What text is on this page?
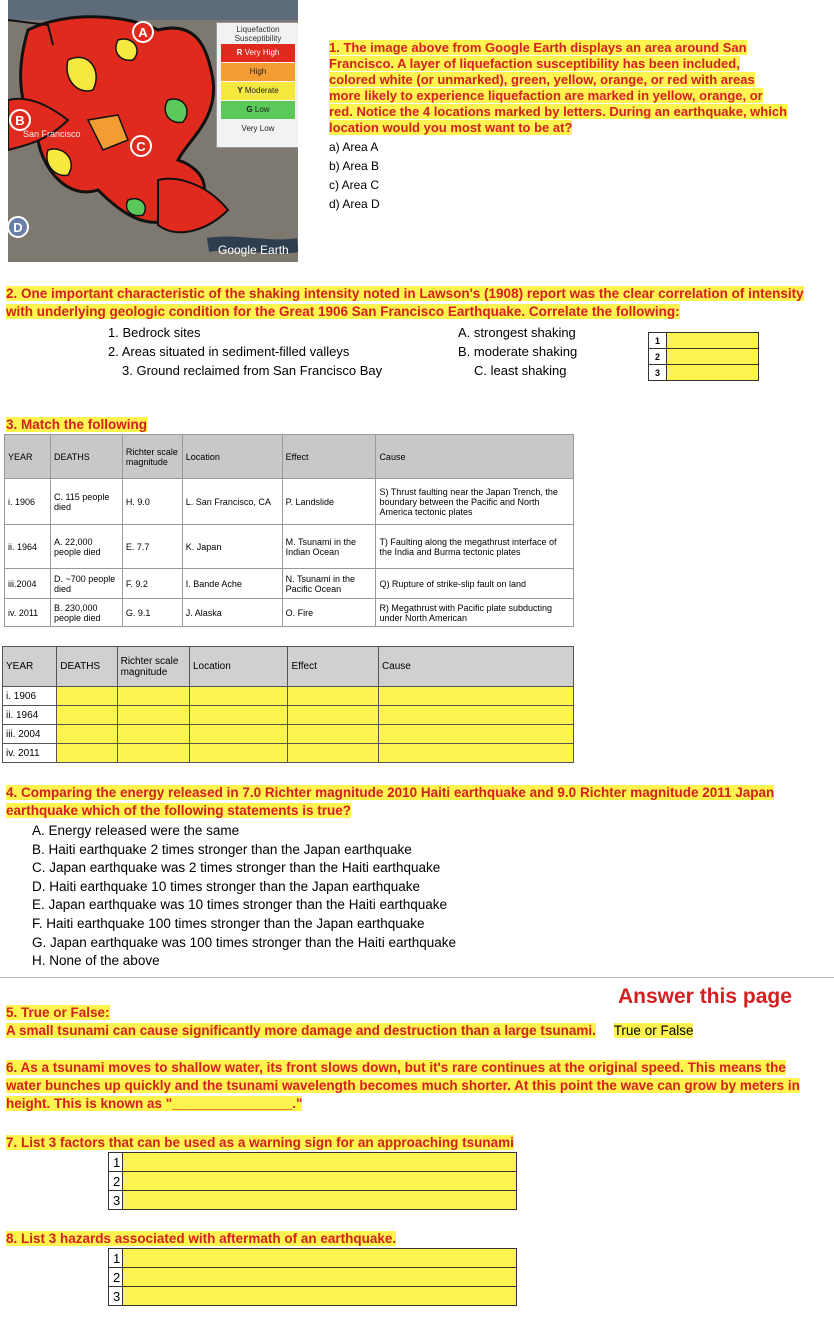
A
B
C
D
San Francisco
Google Earth
Liquefaction Susceptibility
R Very High
High
Y Moderate
G Low
Very Low
1. The image above from Google Earth displays an area around San Francisco. A layer of liquefaction susceptibility has been included, colored white (or unmarked), green, yellow, orange, or red with areas more likely to experience liquefaction are marked in yellow, orange, or red. Notice the 4 locations marked by letters. During an earthquake, which location would you most want to be at?
a) Area A
b) Area B
c) Area C
d) Area D
2. One important characteristic of the shaking intensity noted in Lawson's (1908) report was the clear correlation of intensity with underlying geologic condition for the Great 1906 San Francisco Earthquake. Correlate the following:
1. Bedrock sites
2. Areas situated in sediment-filled valleys
3. Ground reclaimed from San Francisco Bay
A. strongest shaking
B. moderate shaking
C. least shaking
1	
2	
3	
3. Match the following
YEAR	DEATHS	Richter scale magnitude	Location	Effect	Cause
i. 1906	C. 115 people died	H. 9.0	L. San Francisco, CA	P. Landslide	S) Thrust faulting near the Japan Trench, the boundary between the Pacific and North America tectonic plates
ii. 1964	A. 22,000 people died	E. 7.7	K. Japan	M. Tsunami in the Indian Ocean	T) Faulting along the megathrust interface of the India and Burma tectonic plates
iii.2004	D. ~700 people died	F. 9.2	I. Bande Ache	N. Tsunami in the Pacific Ocean	Q) Rupture of strike-slip fault on land
iv. 2011	B. 230,000 people died	G. 9.1	J. Alaska	O. Fire	R) Megathrust with Pacific plate subducting under North American
YEAR	DEATHS	Richter scale magnitude	Location	Effect	Cause
i. 1906					
ii. 1964					
iii. 2004					
iv. 2011					
4. Comparing the energy released in 7.0 Richter magnitude 2010 Haiti earthquake and 9.0 Richter magnitude 2011 Japan earthquake which of the following statements is true?
A. Energy released were the same
B. Haiti earthquake 2 times stronger than the Japan earthquake
C. Japan earthquake was 2 times stronger than the Haiti earthquake
D. Haiti earthquake 10 times stronger than the Japan earthquake
E. Japan earthquake was 10 times stronger than the Haiti earthquake
F. Haiti earthquake 100 times stronger than the Japan earthquake
G. Japan earthquake was 100 times stronger than the Haiti earthquake
H. None of the above
Answer this page
5. True or False:
A small tsunami can cause significantly more damage and destruction than a large tsunami. True or False
6. As a tsunami moves to shallow water, its front slows down, but it's rare continues at the original speed. This means the water bunches up quickly and the tsunami wavelength becomes much shorter. At this point the wave can grow by meters in height. This is known as "________________."
7. List 3 factors that can be used as a warning sign for an approaching tsunami
1	
2	
3	
8. List 3 hazards associated with aftermath of an earthquake.
1	
2	
3	
